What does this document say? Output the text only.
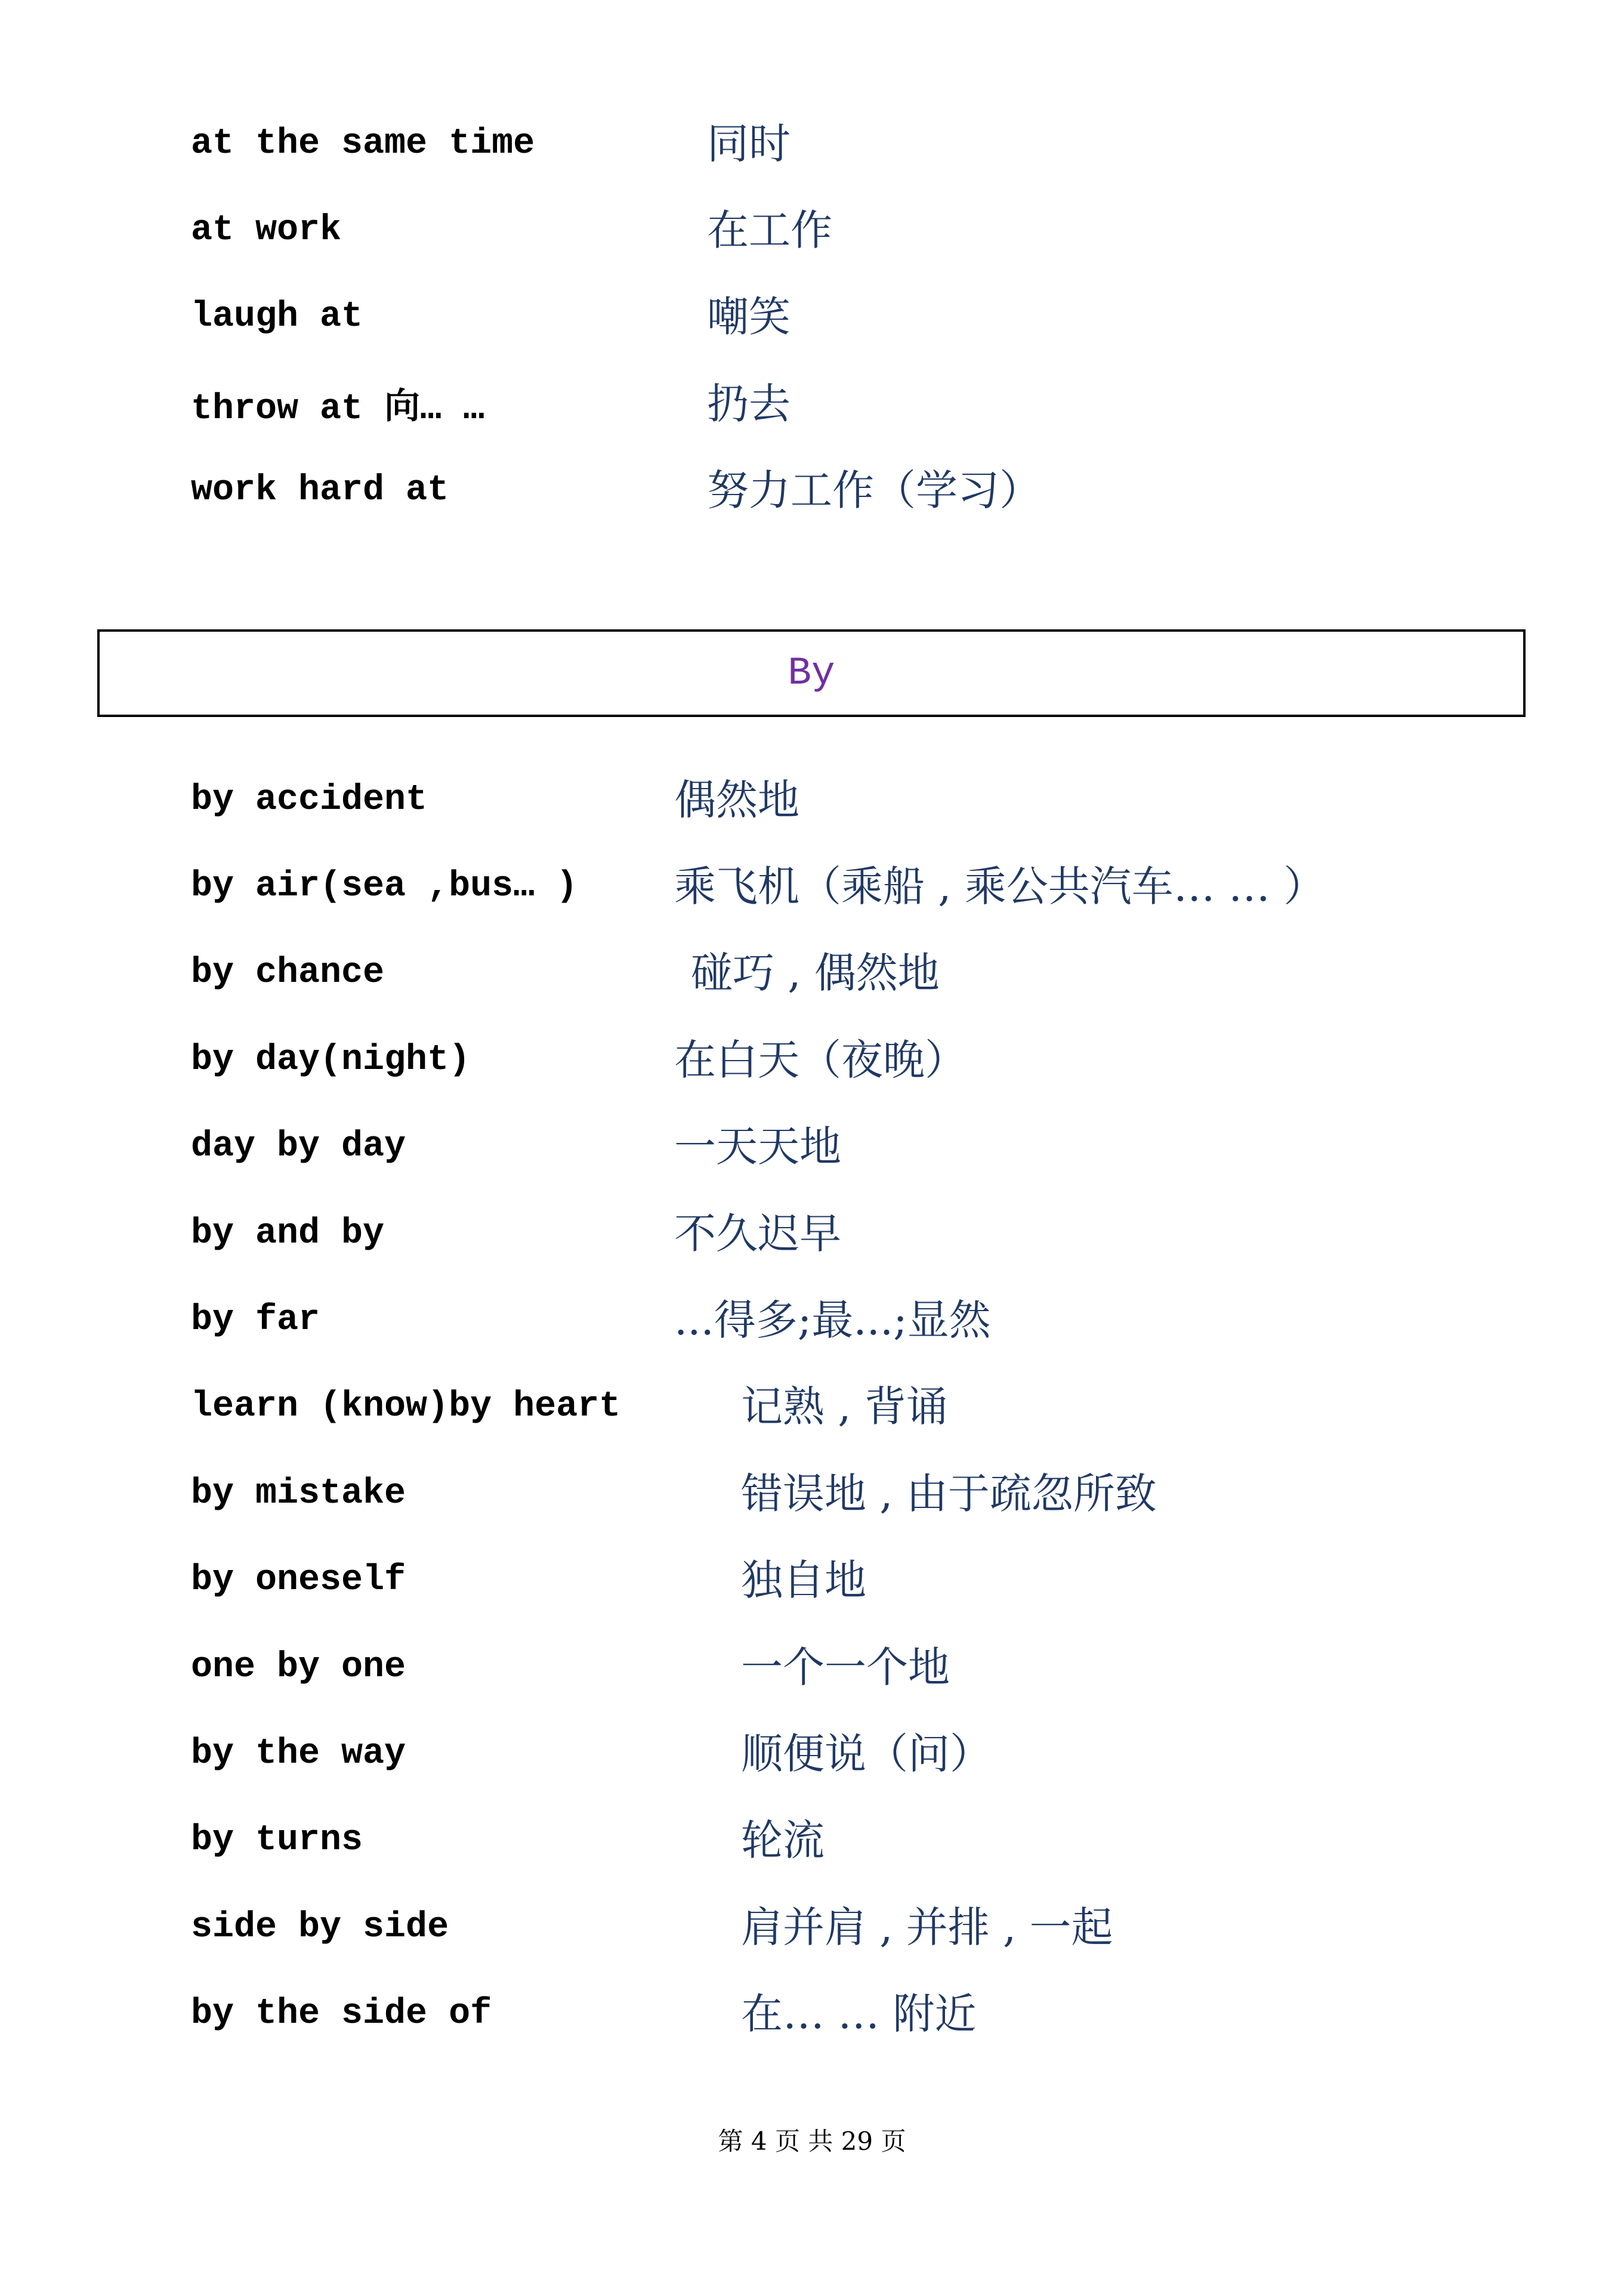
at the same time	同时
at work	在工作
laugh at	嘲笑
throw at 向… …	扔去
work hard at	努力工作（学习）
By
by accident	偶然地
by air(sea ,bus… )	乘飞机（乘船 , 乘公共汽车… … ）
by chance	碰巧 , 偶然地
by day(night)	在白天（夜晚）
day by day	一天天地
by and by	不久迟早
by far	...得多;最...;显然
learn (know)by heart	记熟 , 背诵
by mistake	错误地 , 由于疏忽所致
by oneself	独自地
one by one	一个一个地
by the way	顺便说（问）
by turns	轮流
side by side	肩并肩 , 并排 , 一起
by the side of	在… … 附近
第 4 页 共 29 页
